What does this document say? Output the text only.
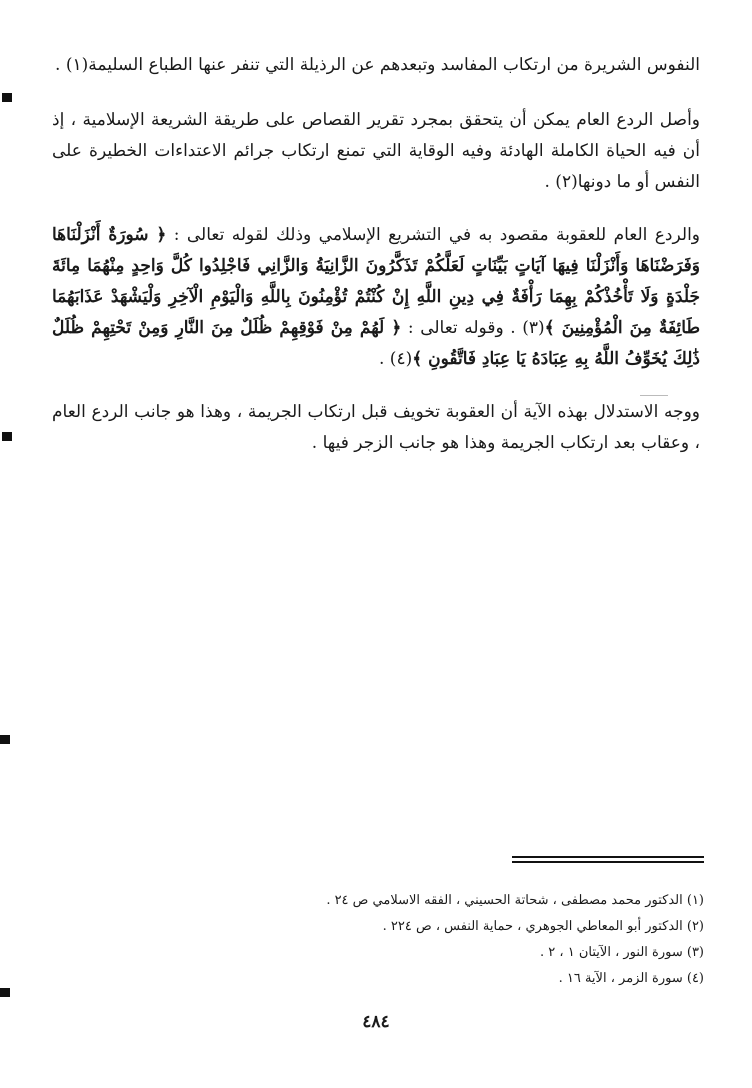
النفوس الشريرة من ارتكاب المفاسد وتبعدهم عن الرذيلة التي تنفر عنها الطباع السليمة(١) .

وأصل الردع العام يمكن أن يتحقق بمجرد تقرير القصاص على طريقة الشريعة الإسلامية ، إذ أن فيه الحياة الكاملة الهادئة وفيه الوقاية التي تمنع ارتكاب جرائم الاعتداءات الخطيرة على النفس أو ما دونها(٢) .

والردع العام للعقوبة مقصود به في التشريع الإسلامي وذلك لقوله تعالى : ﴿ سُورَةٌ أَنْزَلْنَاهَا وَفَرَضْنَاهَا وَأَنْزَلْنَا فِيهَا آيَاتٍ بَيِّنَاتٍ لَعَلَّكُمْ تَذَكَّرُونَ الزَّانِيَةُ وَالزَّانِي فَاجْلِدُوا كُلَّ وَاحِدٍ مِنْهُمَا مِائَةَ جَلْدَةٍ وَلَا تَأْخُذْكُمْ بِهِمَا رَأْفَةٌ فِي دِينِ اللَّهِ إِنْ كُنْتُمْ تُؤْمِنُونَ بِاللَّهِ وَالْيَوْمِ الْآخِرِ وَلْيَشْهَدْ عَذَابَهُمَا طَائِفَةٌ مِنَ الْمُؤْمِنِينَ ﴾(٣) . وقوله تعالى : ﴿ لَهُمْ مِنْ فَوْقِهِمْ ظُلَلٌ مِنَ النَّارِ وَمِنْ تَحْتِهِمْ ظُلَلٌ ذَٰلِكَ يُخَوِّفُ اللَّهُ بِهِ عِبَادَهُ يَا عِبَادِ فَاتَّقُونِ ﴾(٤) .

ووجه الاستدلال بهذه الآية أن العقوبة تخويف قبل ارتكاب الجريمة ، وهذا هو جانب الردع العام ، وعقاب بعد ارتكاب الجريمة وهذا هو جانب الزجر فيها .

(١) الدكتور محمد مصطفى ، شحاتة الحسيني ، الفقه الاسلامي ص ٢٤ .
(٢) الدكتور أبو المعاطي الجوهري ، حماية النفس ، ص ٢٢٤ .
(٣) سورة النور ، الآيتان ١ ، ٢ .
(٤) سورة الزمر ، الآية ١٦ .
٤٨٤
